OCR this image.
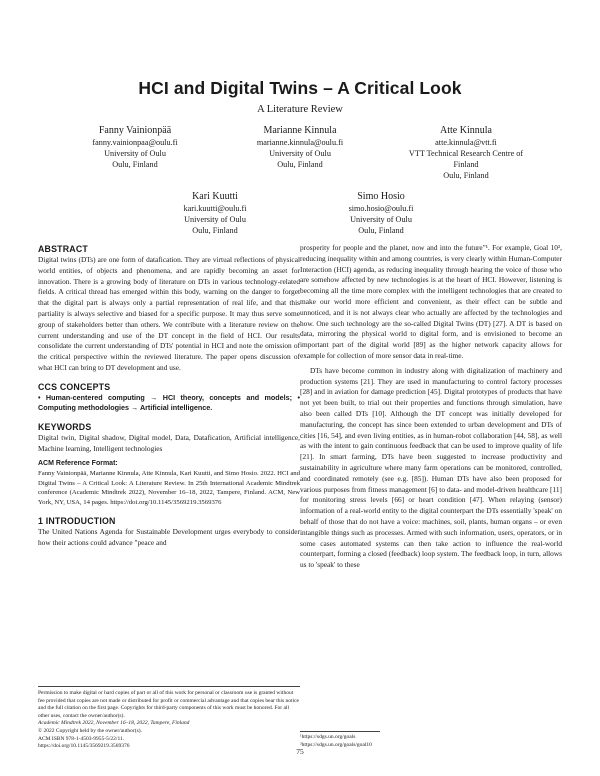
HCI and Digital Twins – A Critical Look
A Literature Review
Fanny Vainionpää
fanny.vainionpaa@oulu.fi
University of Oulu
Oulu, Finland
Marianne Kinnula
marianne.kinnula@oulu.fi
University of Oulu
Oulu, Finland
Atte Kinnula
atte.kinnula@vtt.fi
VTT Technical Research Centre of
Finland
Oulu, Finland
Kari Kuutti
kari.kuutti@oulu.fi
University of Oulu
Oulu, Finland
Simo Hosio
simo.hosio@oulu.fi
University of Oulu
Oulu, Finland
ABSTRACT

Digital twins (DTs) are one form of datafication. They are virtual reflections of physical world entities, of objects and phenomena, and are rapidly becoming an asset for innovation. There is a growing body of literature on DTs in various technology-related fields. A critical thread has emerged within this body, warning on the danger to forget that the digital part is always only a partial representation of real life, and that this partiality is always selective and biased for a specific purpose. It may thus serve some group of stakeholders better than others. We contribute with a literature review on the current understanding and use of the DT concept in the field of HCI. Our results consolidate the current understanding of DTs' potential in HCI and note the omission of the critical perspective within the reviewed literature. The paper opens discussion of what HCI can bring to DT development and use.

CCS CONCEPTS

• Human-centered computing → HCI theory, concepts and models; • Computing methodologies → Artificial intelligence.

KEYWORDS

Digital twin, Digital shadow, Digital model, Data, Datafication, Artificial intelligence, Machine learning, Intelligent technologies

ACM Reference Format:

Fanny Vainionpää, Marianne Kinnula, Atte Kinnula, Kari Kuutti, and Simo Hosio. 2022. HCI and Digital Twins – A Critical Look: A Literature Review. In 25th International Academic Mindtrek conference (Academic Mindtrek 2022), November 16–18, 2022, Tampere, Finland. ACM, New York, NY, USA, 14 pages. https://doi.org/10.1145/3569219.3569376

1 INTRODUCTION

The United Nations Agenda for Sustainable Development urges everybody to consider how their actions could advance "peace and

Permission to make digital or hard copies of part or all of this work for personal or classroom use is granted without fee provided that copies are not made or distributed for profit or commercial advantage and that copies bear this notice and the full citation on the first page. Copyrights for third-party components of this work must be honored. For all other uses, contact the owner/author(s).
Academic Mindtrek 2022, November 16–18, 2022, Tampere, Finland
© 2022 Copyright held by the owner/author(s).
ACM ISBN 978-1-4503-9955-5/22/11.
https://doi.org/10.1145/3569219.3569376

prosperity for people and the planet, now and into the future"¹. For example, Goal 10², reducing inequality within and among countries, is very clearly within Human-Computer Interaction (HCI) agenda, as reducing inequality through hearing the voice of those who are somehow affected by new technologies is at the heart of HCI. However, listening is becoming all the time more complex with the intelligent technologies that are created to make our world more efficient and convenient, as their effect can be subtle and unnoticed, and it is not always clear who actually are affected by the technologies and how. One such technology are the so-called Digital Twins (DT) [27]. A DT is based on data, mirroring the physical world to digital form, and is envisioned to become an important part of the digital world [89] as the higher network capacity allows for example for collection of more sensor data in real-time.

DTs have become common in industry along with digitalization of machinery and production systems [21]. They are used in manufacturing to control factory processes [28] and in aviation for damage prediction [45]. Digital prototypes of products that have not yet been built, to trial out their properties and functions through simulation, have also been called DTs [10]. Although the DT concept was initially developed for manufacturing, the concept has since been extended to urban development and DTs of cities [16, 54], and even living entities, as in human-robot collaboration [44, 58], as well as with the intent to gain continuous feedback that can be used to improve quality of life [21]. In smart farming, DTs have been suggested to increase productivity and sustainability in agriculture where many farm operations can be monitored, controlled, and coordinated remotely (see e.g. [85]). Human DTs have also been proposed for various purposes from fitness management [6] to data- and model-driven healthcare [11] for monitoring stress levels [66] or heart condition [47]. When relaying (sensor) information of a real-world entity to the digital counterpart the DTs essentially 'speak' on behalf of those that do not have a voice: machines, soil, plants, human organs – or even intangible things such as processes. Armed with such information, users, operators, or in some cases automated systems can then take action to influence the real-world counterpart, forming a closed (feedback) loop system. The feedback loop, in turn, allows us to 'speak' to these

¹https://sdgs.un.org/goals
²https://sdgs.un.org/goals/goal10
75
